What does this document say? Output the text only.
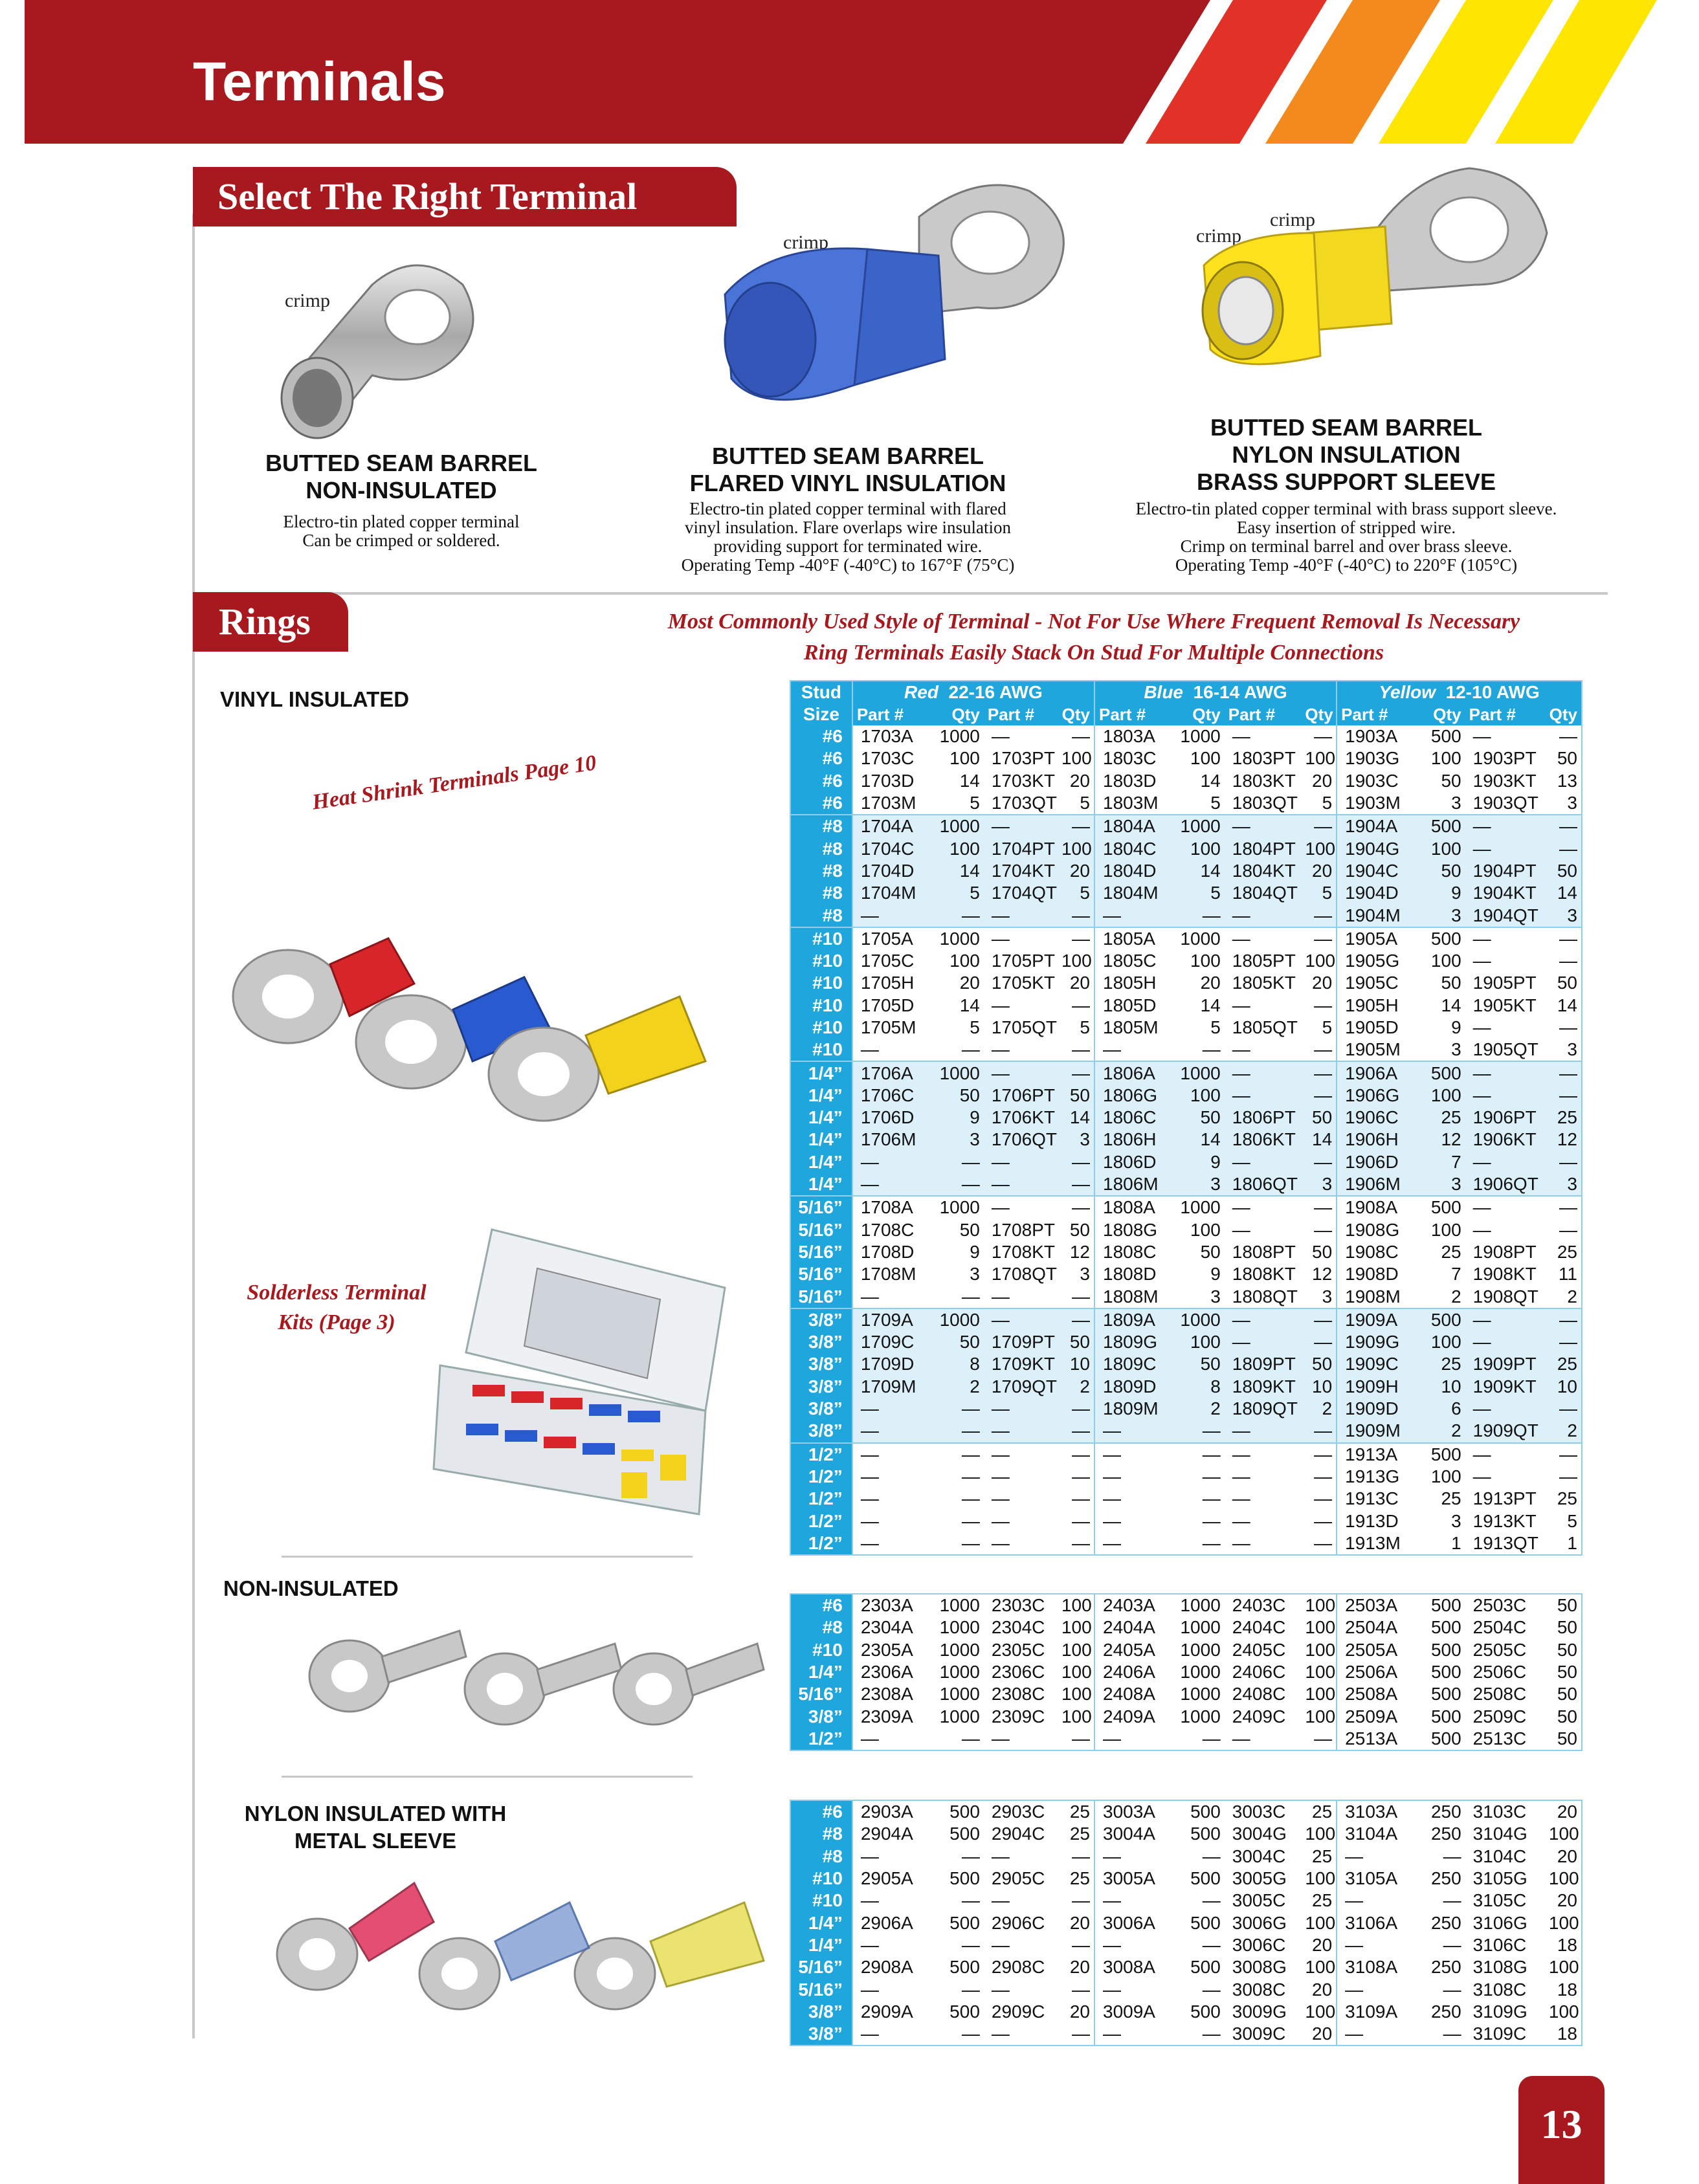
Terminals
Select The Right Terminal
crimp
crimp
crimp
crimp
BUTTED SEAM BARREL
NON-INSULATED
Electro-tin plated copper terminal
Can be crimped or soldered.
BUTTED SEAM BARREL
FLARED VINYL INSULATION
Electro-tin plated copper terminal with flared
vinyl insulation. Flare overlaps wire insulation
providing support for terminated wire.
Operating Temp -40°F (-40°C) to 167°F (75°C)
BUTTED SEAM BARREL
NYLON INSULATION
BRASS SUPPORT SLEEVE
Electro-tin plated copper terminal with brass support sleeve.
Easy insertion of stripped wire.
Crimp on terminal barrel and over brass sleeve.
Operating Temp -40°F (-40°C) to 220°F (105°C)
Rings	Most Commonly Used Style of Terminal - Not For Use Where Frequent Removal Is Necessary
Ring Terminals Easily Stack On Stud For Multiple Connections
VINYL INSULATED
Heat Shrink Terminals Page 10
Solderless Terminal
Kits (Page 3)
NON-INSULATED
NYLON INSULATED WITH
METAL SLEEVE
Stud	Red 22-16 AWG				Blue 16-14 AWG				Yellow 12-10 AWG			
Size	Part #	Qty	Part #	Qty	Part #	Qty	Part #	Qty	Part #	Qty	Part #	Qty
#6	1703A	1000	—	—	1803A	1000	—	—	1903A	500	—	—
#6	1703C	100	1703PT	100	1803C	100	1803PT	100	1903G	100	1903PT	50
#6	1703D	14	1703KT	20	1803D	14	1803KT	20	1903C	50	1903KT	13
#6	1703M	5	1703QT	5	1803M	5	1803QT	5	1903M	3	1903QT	3
#8	1704A	1000	—	—	1804A	1000	—	—	1904A	500	—	—
#8	1704C	100	1704PT	100	1804C	100	1804PT	100	1904G	100	—	—
#8	1704D	14	1704KT	20	1804D	14	1804KT	20	1904C	50	1904PT	50
#8	1704M	5	1704QT	5	1804M	5	1804QT	5	1904D	9	1904KT	14
#8	—	—	—	—	—	—	—	—	1904M	3	1904QT	3
#10	1705A	1000	—	—	1805A	1000	—	—	1905A	500	—	—
#10	1705C	100	1705PT	100	1805C	100	1805PT	100	1905G	100	—	—
#10	1705H	20	1705KT	20	1805H	20	1805KT	20	1905C	50	1905PT	50
#10	1705D	14	—	—	1805D	14	—	—	1905H	14	1905KT	14
#10	1705M	5	1705QT	5	1805M	5	1805QT	5	1905D	9	—	—
#10	—	—	—	—	—	—	—	—	1905M	3	1905QT	3
1/4”	1706A	1000	—	—	1806A	1000	—	—	1906A	500	—	—
1/4”	1706C	50	1706PT	50	1806G	100	—	—	1906G	100	—	—
1/4”	1706D	9	1706KT	14	1806C	50	1806PT	50	1906C	25	1906PT	25
1/4”	1706M	3	1706QT	3	1806H	14	1806KT	14	1906H	12	1906KT	12
1/4”	—	—	—	—	1806D	9	—	—	1906D	7	—	—
1/4”	—	—	—	—	1806M	3	1806QT	3	1906M	3	1906QT	3
5/16”	1708A	1000	—	—	1808A	1000	—	—	1908A	500	—	—
5/16”	1708C	50	1708PT	50	1808G	100	—	—	1908G	100	—	—
5/16”	1708D	9	1708KT	12	1808C	50	1808PT	50	1908C	25	1908PT	25
5/16”	1708M	3	1708QT	3	1808D	9	1808KT	12	1908D	7	1908KT	11
5/16”	—	—	—	—	1808M	3	1808QT	3	1908M	2	1908QT	2
3/8”	1709A	1000	—	—	1809A	1000	—	—	1909A	500	—	—
3/8”	1709C	50	1709PT	50	1809G	100	—	—	1909G	100	—	—
3/8”	1709D	8	1709KT	10	1809C	50	1809PT	50	1909C	25	1909PT	25
3/8”	1709M	2	1709QT	2	1809D	8	1809KT	10	1909H	10	1909KT	10
3/8”	—	—	—	—	1809M	2	1809QT	2	1909D	6	—	—
3/8”	—	—	—	—	—	—	—	—	1909M	2	1909QT	2
1/2”	—	—	—	—	—	—	—	—	1913A	500	—	—
1/2”	—	—	—	—	—	—	—	—	1913G	100	—	—
1/2”	—	—	—	—	—	—	—	—	1913C	25	1913PT	25
1/2”	—	—	—	—	—	—	—	—	1913D	3	1913KT	5
1/2”	—	—	—	—	—	—	—	—	1913M	1	1913QT	1
#6	2303A	1000	2303C	100	2403A	1000	2403C	100	2503A	500	2503C	50
#8	2304A	1000	2304C	100	2404A	1000	2404C	100	2504A	500	2504C	50
#10	2305A	1000	2305C	100	2405A	1000	2405C	100	2505A	500	2505C	50
1/4”	2306A	1000	2306C	100	2406A	1000	2406C	100	2506A	500	2506C	50
5/16”	2308A	1000	2308C	100	2408A	1000	2408C	100	2508A	500	2508C	50
3/8”	2309A	1000	2309C	100	2409A	1000	2409C	100	2509A	500	2509C	50
1/2”	—	—	—	—	—	—	—	—	2513A	500	2513C	50
#6	2903A	500	2903C	25	3003A	500	3003C	25	3103A	250	3103C	20
#8	2904A	500	2904C	25	3004A	500	3004G	100	3104A	250	3104G	100
#8	—	—	—	—	—	—	3004C	25	—	—	3104C	20
#10	2905A	500	2905C	25	3005A	500	3005G	100	3105A	250	3105G	100
#10	—	—	—	—	—	—	3005C	25	—	—	3105C	20
1/4”	2906A	500	2906C	20	3006A	500	3006G	100	3106A	250	3106G	100
1/4”	—	—	—	—	—	—	3006C	20	—	—	3106C	18
5/16”	2908A	500	2908C	20	3008A	500	3008G	100	3108A	250	3108G	100
5/16”	—	—	—	—	—	—	3008C	20	—	—	3108C	18
3/8”	2909A	500	2909C	20	3009A	500	3009G	100	3109A	250	3109G	100
3/8”	—	—	—	—	—	—	3009C	20	—	—	3109C	18
13
